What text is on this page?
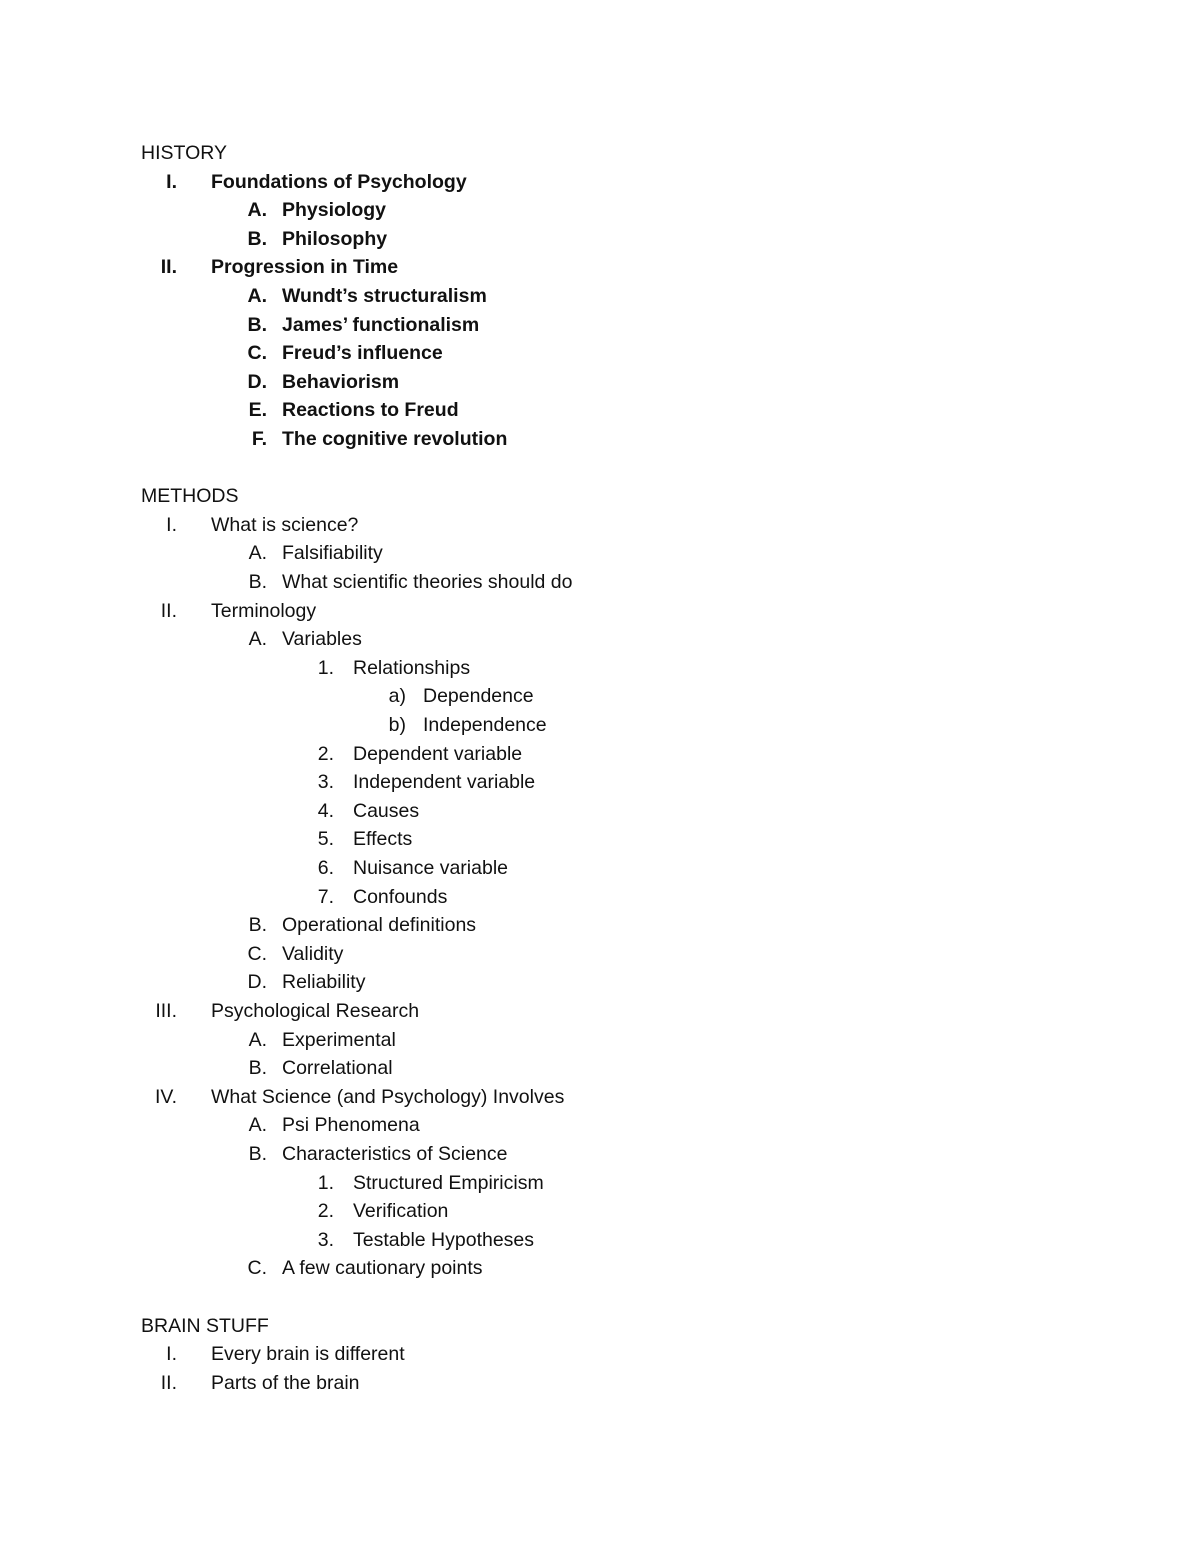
HISTORY
I. Foundations of Psychology
A. Physiology
B. Philosophy
II. Progression in Time
A. Wundt’s structuralism
B. James’ functionalism
C. Freud’s influence
D. Behaviorism
E. Reactions to Freud
F. The cognitive revolution
METHODS
I. What is science?
A. Falsifiability
B. What scientific theories should do
II. Terminology
A. Variables
1. Relationships
a) Dependence
b) Independence
2. Dependent variable
3. Independent variable
4. Causes
5. Effects
6. Nuisance variable
7. Confounds
B. Operational definitions
C. Validity
D. Reliability
III. Psychological Research
A. Experimental
B. Correlational
IV. What Science (and Psychology) Involves
A. Psi Phenomena
B. Characteristics of Science
1. Structured Empiricism
2. Verification
3. Testable Hypotheses
C. A few cautionary points
BRAIN STUFF
I. Every brain is different
II. Parts of the brain
